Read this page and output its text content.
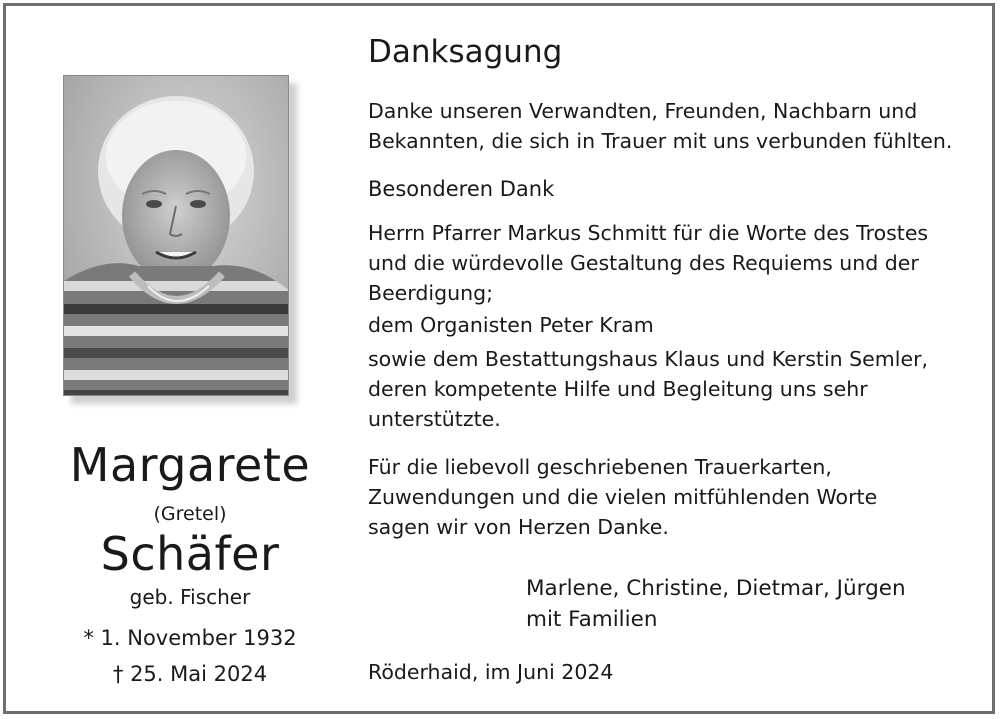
Margarete
(Gretel)
Schäfer
geb. Fischer
* 1. November 1932
† 25. Mai 2024
Danksagung
Danke unseren Verwandten, Freunden, Nachbarn und
Bekannten, die sich in Trauer mit uns verbunden fühlten.
Besonderen Dank
Herrn Pfarrer Markus Schmitt für die Worte des Trostes
und die würdevolle Gestaltung des Requiems und der
Beerdigung;
dem Organisten Peter Kram
sowie dem Bestattungshaus Klaus und Kerstin Semler,
deren kompetente Hilfe und Begleitung uns sehr
unterstützte.
Für die liebevoll geschriebenen Trauerkarten,
Zuwendungen und die vielen mitfühlenden Worte
sagen wir von Herzen Danke.
Marlene, Christine, Dietmar, Jürgen
mit Familien
Röderhaid, im Juni 2024
